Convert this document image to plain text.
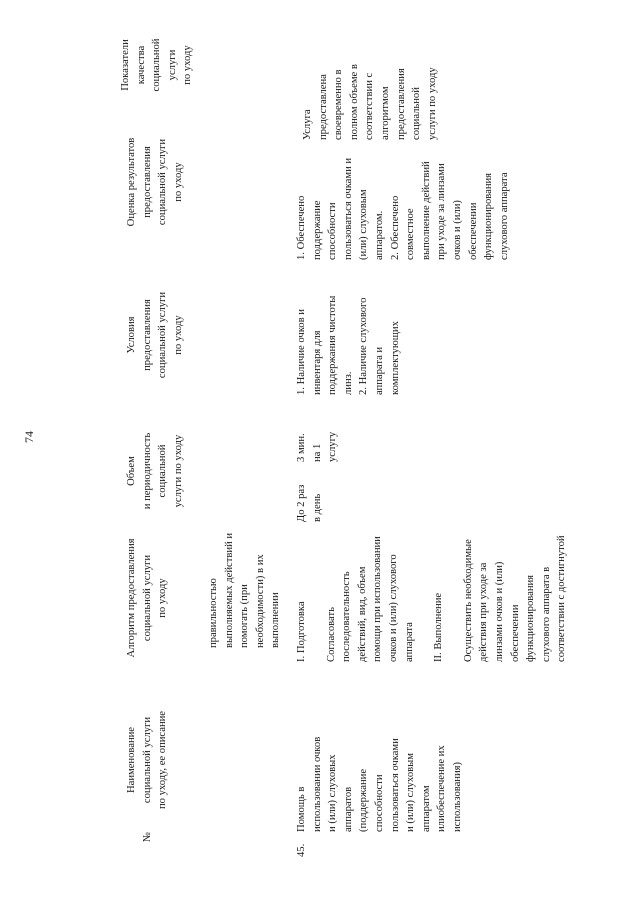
74
№
Наименование социальной услуги по уходу, ее описание
Алгоритм предоставления социальной услуги по уходу
Объем и периодичность социальной услуги по уходу
Условия предоставления социальной услуги по уходу
Оценка результатов предоставления социальной услуги по уходу
Показатели качества социальной услуги по уходу
правильностью выполняемых действий и помогать (при необходимости) в их выполнении
45.
Помощь в использовании очков и (или) слуховых аппаратов (поддержание способности пользоваться очками и (или) слуховым аппаратом илиобеспечение их использования)
I. Подготовка Согласовать последовательность действий, вид, объем помощи при использовании очков и (или) слухового аппарата II. Выполнение Осуществить необходимые действия при уходе за линзами очков и (или) обеспечении функционирования слухового аппарата в соответствии с достигнутой
До 2 раз в день
3 мин. на 1 услугу
1. Наличие очков и инвентаря для поддержания чистоты линз. 2. Наличие слухового аппарата и комплектующих
1. Обеспечено поддержание способности пользоваться очками и (или) слуховым аппаратом. 2. Обеспечено совместное выполнение действий при уходе за линзами очков и (или) обеспечении функционирования слухового аппарата
Услуга предоставлена своевременно в полном объеме в соответствии с алгоритмом предоставления социальной услуги по уходу
